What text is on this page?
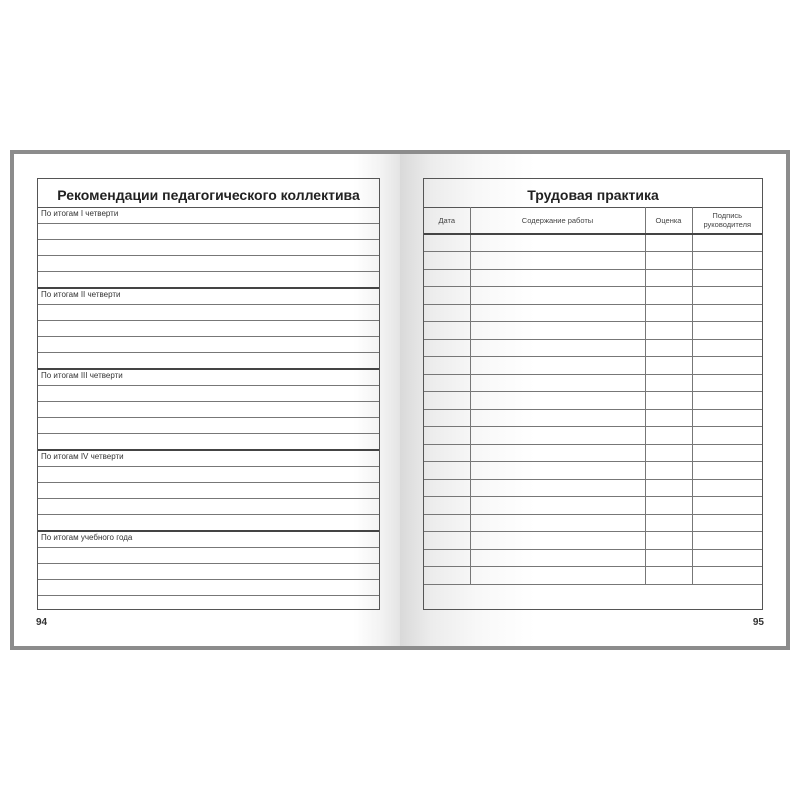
Рекомендации педагогического коллектива
По итогам I четверти
По итогам II четверти
По итогам III четверти
По итогам IV четверти
По итогам учебного года
94
Трудовая практика
Дата	Содержание работы	Оценка	Подпись руководителя

95
